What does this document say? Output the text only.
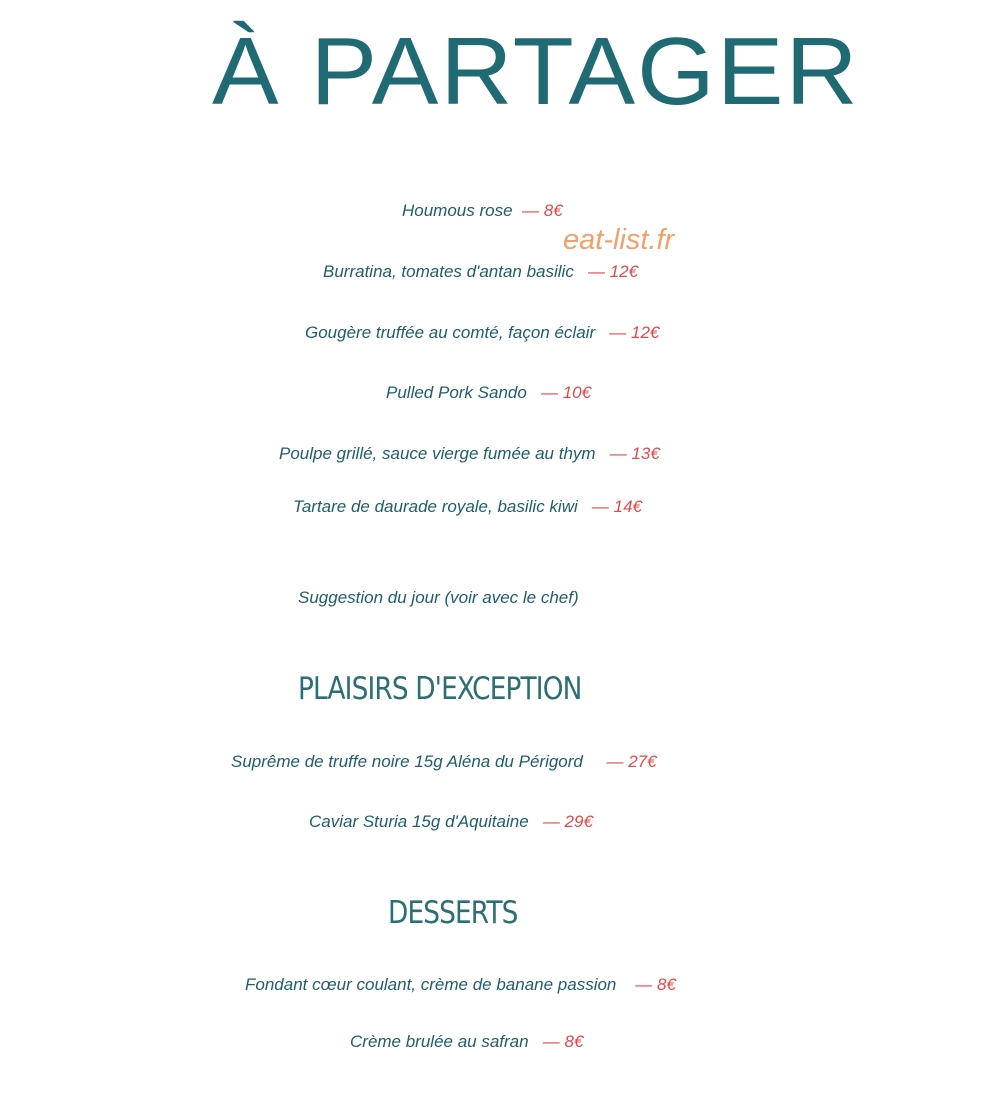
À PARTAGER
eat-list.fr
Houmous rose — 8€
Burratina, tomates d'antan basilic — 12€
Gougère truffée au comté, façon éclair — 12€
Pulled Pork Sando — 10€
Poulpe grillé, sauce vierge fumée au thym — 13€
Tartare de daurade royale, basilic kiwi — 14€
Suggestion du jour (voir avec le chef)
PLAISIRS D'EXCEPTION
Suprême de truffe noire 15g Aléna du Périgord — 27€
Caviar Sturia 15g d'Aquitaine — 29€
DESSERTS
Fondant cœur coulant, crème de banane passion — 8€
Crème brulée au safran — 8€
